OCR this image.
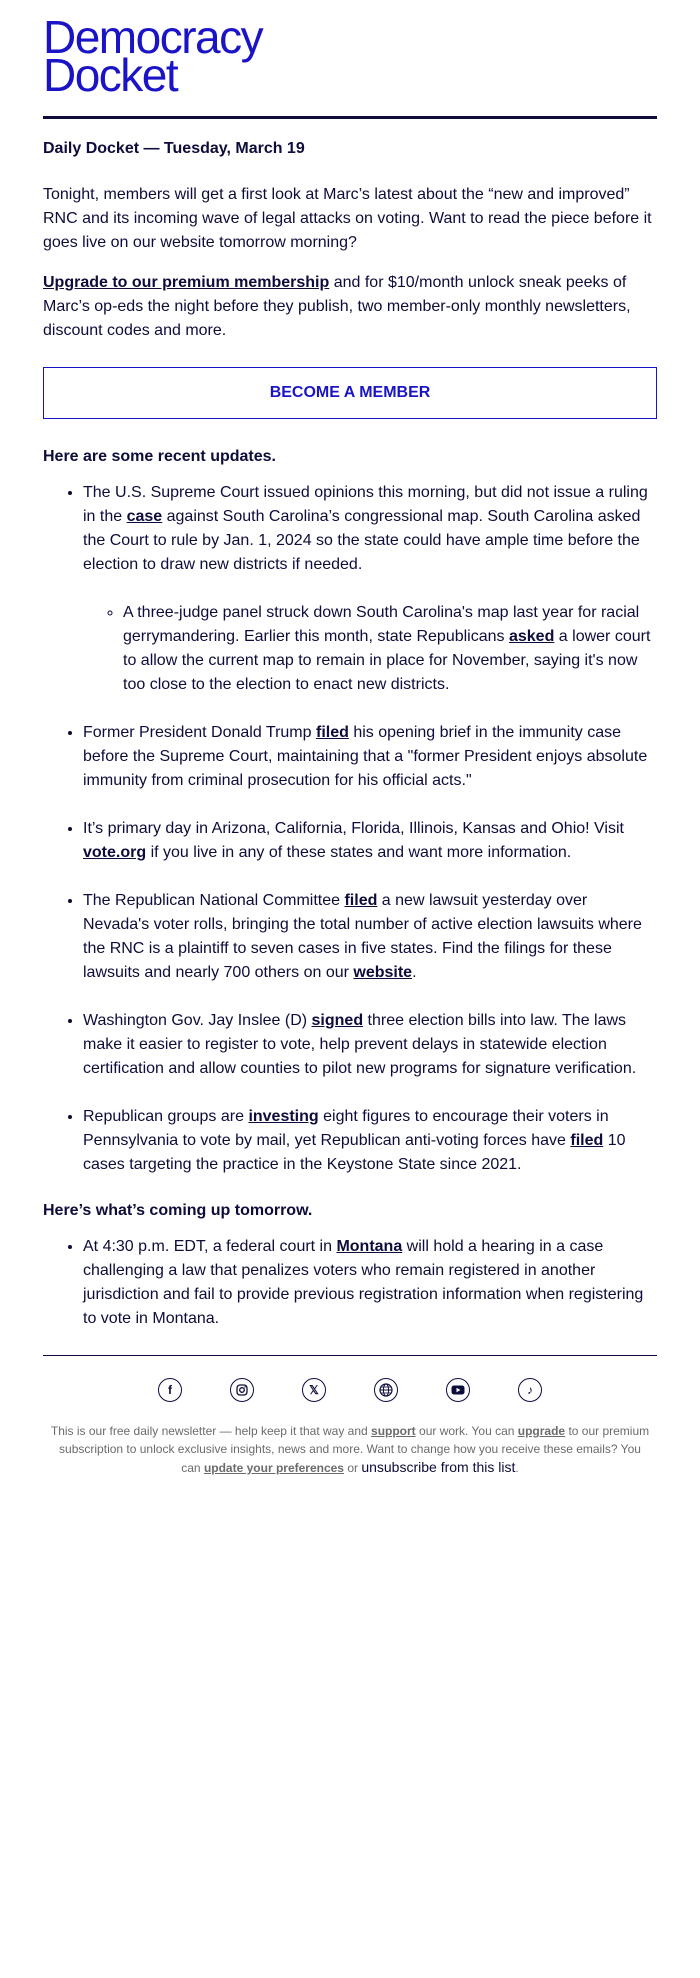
Democracy
Docket
Daily Docket — Tuesday, March 19

Tonight, members will get a first look at Marc’s latest about the “new and improved” RNC and its incoming wave of legal attacks on voting. Want to read the piece before it goes live on our website tomorrow morning?

Upgrade to our premium membership and for $10/month unlock sneak peeks of Marc’s op-eds the night before they publish, two member-only monthly newsletters, discount codes and more.

BECOME A MEMBER
Here are some recent updates.
• The U.S. Supreme Court issued opinions this morning, but did not issue a ruling in the case against South Carolina’s congressional map. South Carolina asked the Court to rule by Jan. 1, 2024 so the state could have ample time before the election to draw new districts if needed.
◦ A three-judge panel struck down South Carolina's map last year for racial gerrymandering. Earlier this month, state Republicans asked a lower court to allow the current map to remain in place for November, saying it's now too close to the election to enact new districts.
• Former President Donald Trump filed his opening brief in the immunity case before the Supreme Court, maintaining that a "former President enjoys absolute immunity from criminal prosecution for his official acts."
• It’s primary day in Arizona, California, Florida, Illinois, Kansas and Ohio! Visit vote.org if you live in any of these states and want more information.
• The Republican National Committee filed a new lawsuit yesterday over Nevada's voter rolls, bringing the total number of active election lawsuits where the RNC is a plaintiff to seven cases in five states. Find the filings for these lawsuits and nearly 700 others on our website.
• Washington Gov. Jay Inslee (D) signed three election bills into law. The laws make it easier to register to vote, help prevent delays in statewide election certification and allow counties to pilot new programs for signature verification.
• Republican groups are investing eight figures to encourage their voters in Pennsylvania to vote by mail, yet Republican anti-voting forces have filed 10 cases targeting the practice in the Keystone State since 2021.
Here’s what’s coming up tomorrow.
• At 4:30 p.m. EDT, a federal court in Montana will hold a hearing in a case challenging a law that penalizes voters who remain registered in another jurisdiction and fail to provide previous registration information when registering to vote in Montana.
f	𝕏	♪
This is our free daily newsletter — help keep it that way and support our work. You can upgrade to our premium subscription to unlock exclusive insights, news and more. Want to change how you receive these emails? You can update your preferences or unsubscribe from this list.
